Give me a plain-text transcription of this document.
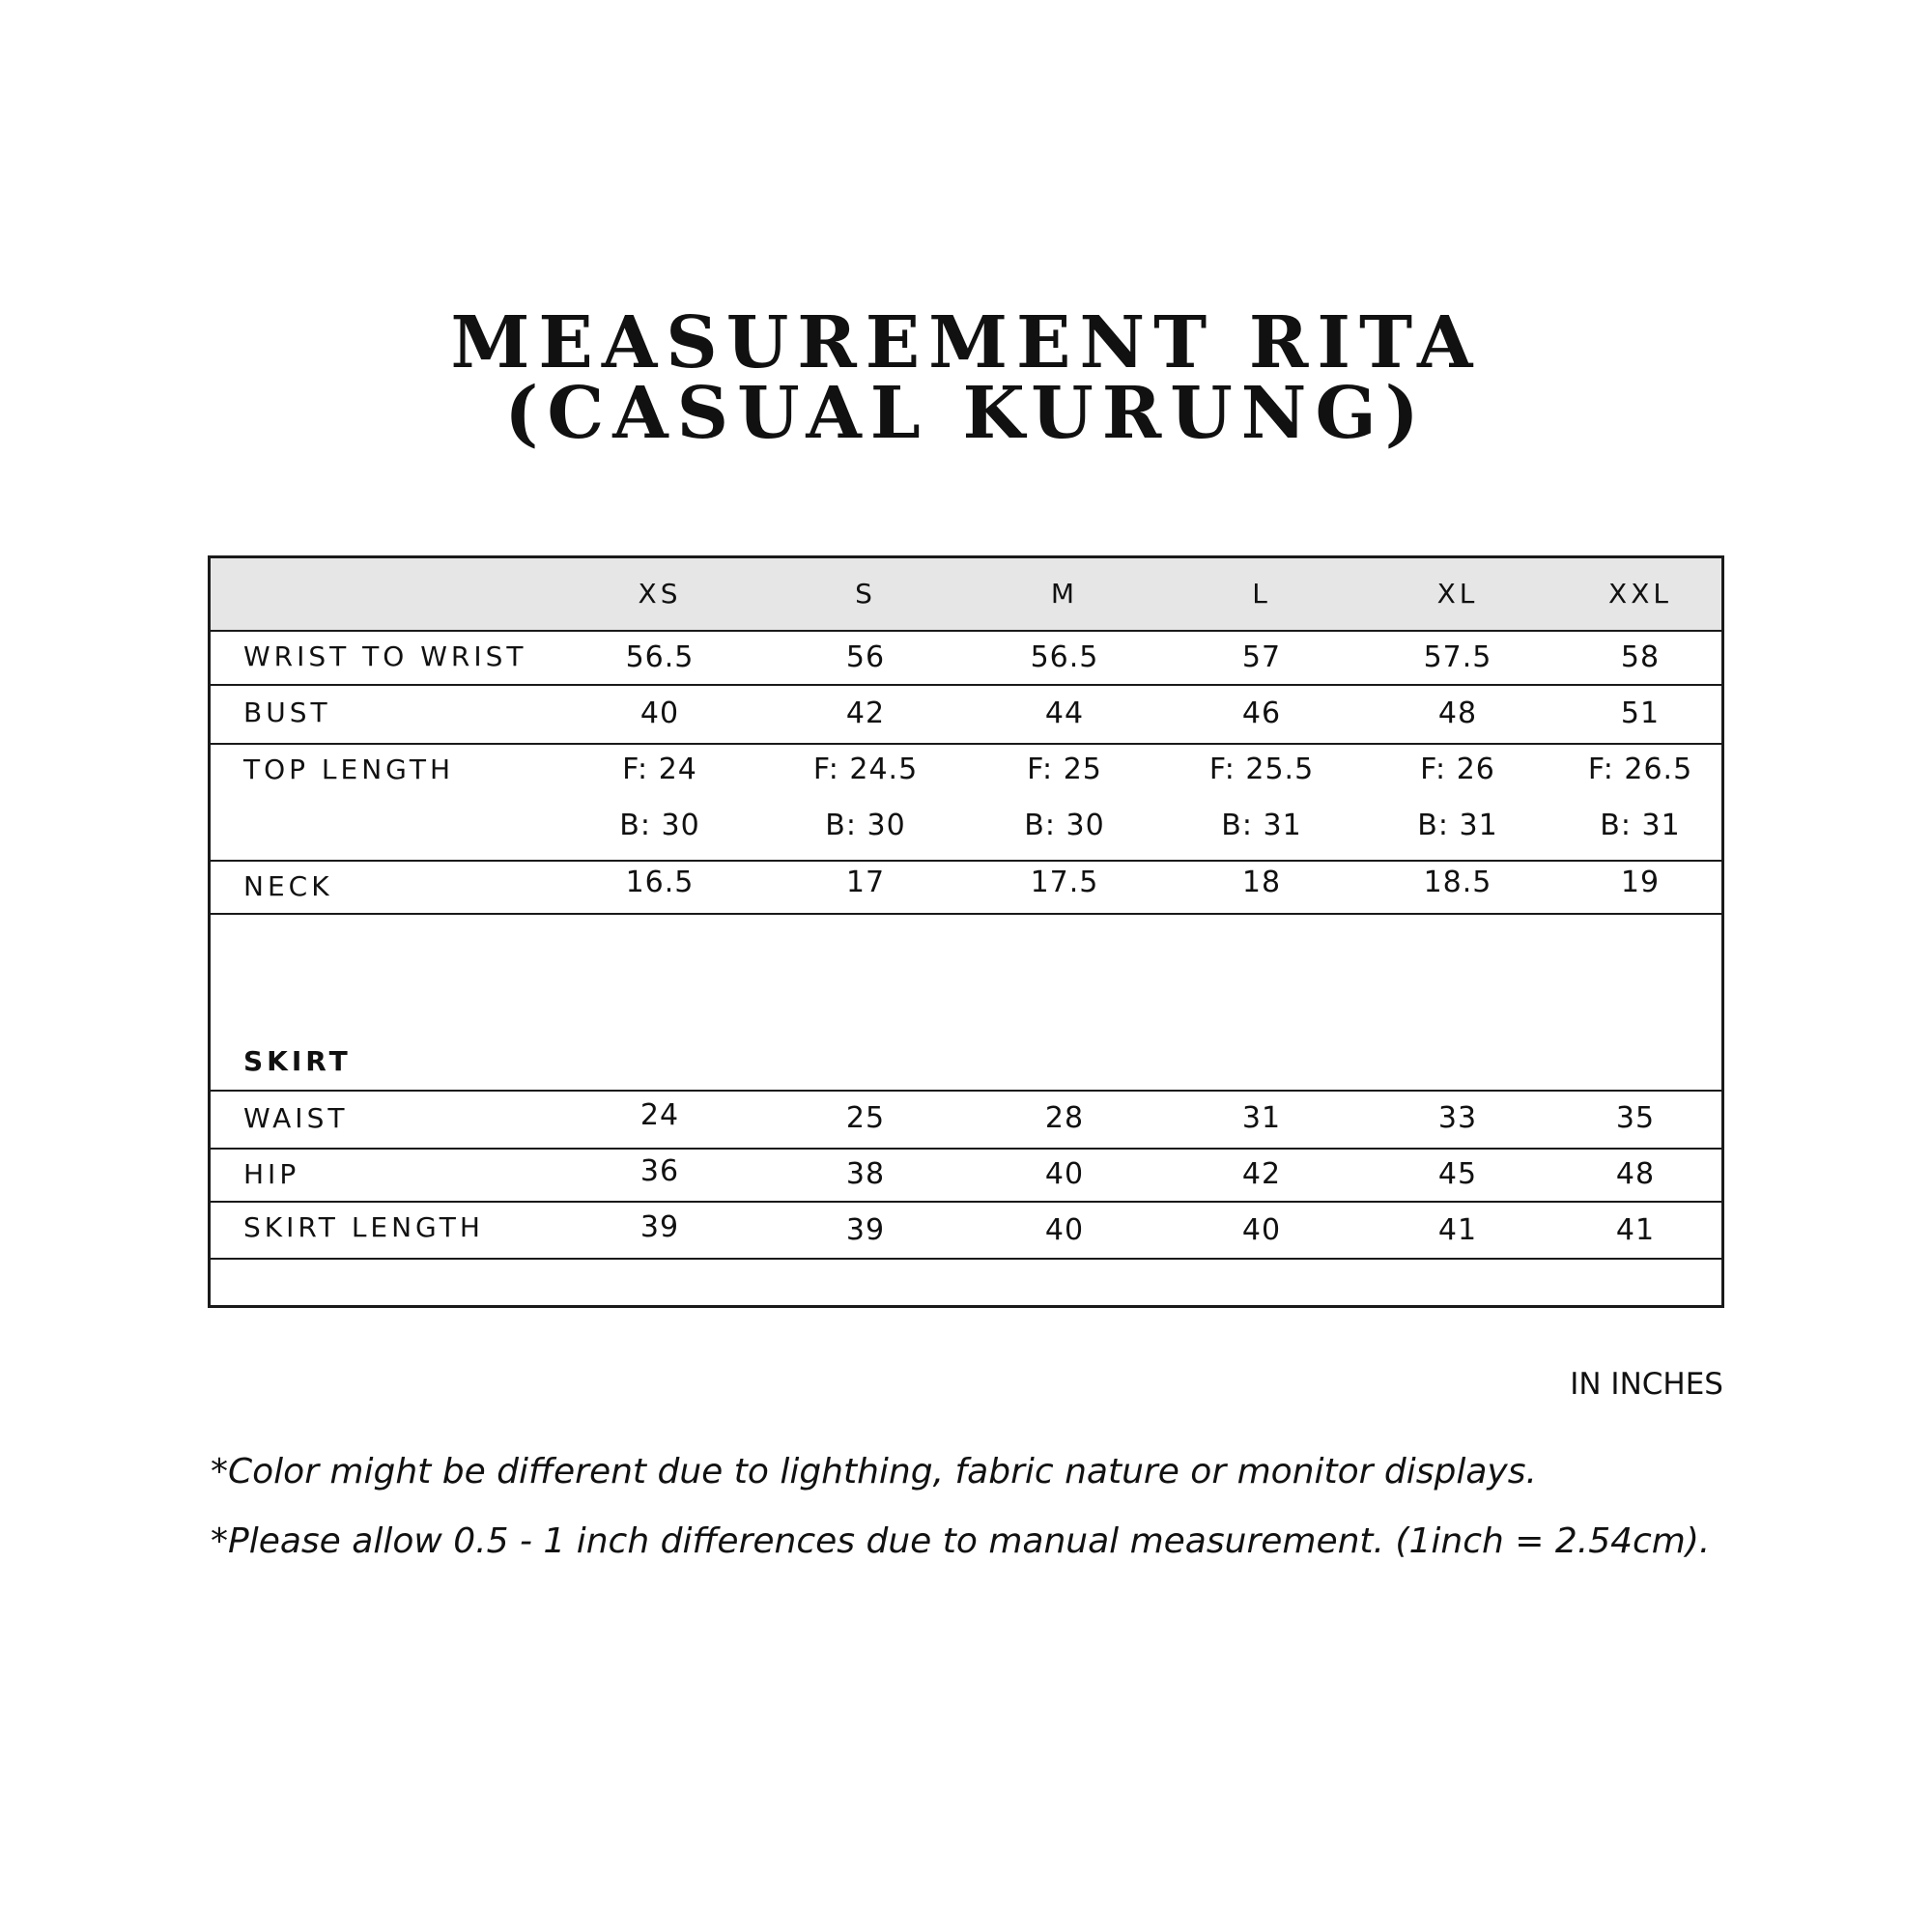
MEASUREMENT RITA
(CASUAL KURUNG)
XS	S	M	L	XL	XXL
WRIST TO WRIST	56.5	56	56.5	57	57.5	58
BUST	40	42	44	46	48	51
TOP LENGTH	F: 24	F: 24.5	F: 25	F: 25.5	F: 26	F: 26.5
B: 30	B: 30	B: 30	B: 31	B: 31	B: 31
NECK	16.5	17	17.5	18	18.5	19
SKIRT
WAIST	24	25	28	31	33	35
HIP	36	38	40	42	45	48
SKIRT LENGTH	39	39	40	40	41	41
IN INCHES
*Color might be different due to lighthing, fabric nature or monitor displays.
*Please allow 0.5 - 1 inch differences due to manual measurement. (1inch = 2.54cm).
